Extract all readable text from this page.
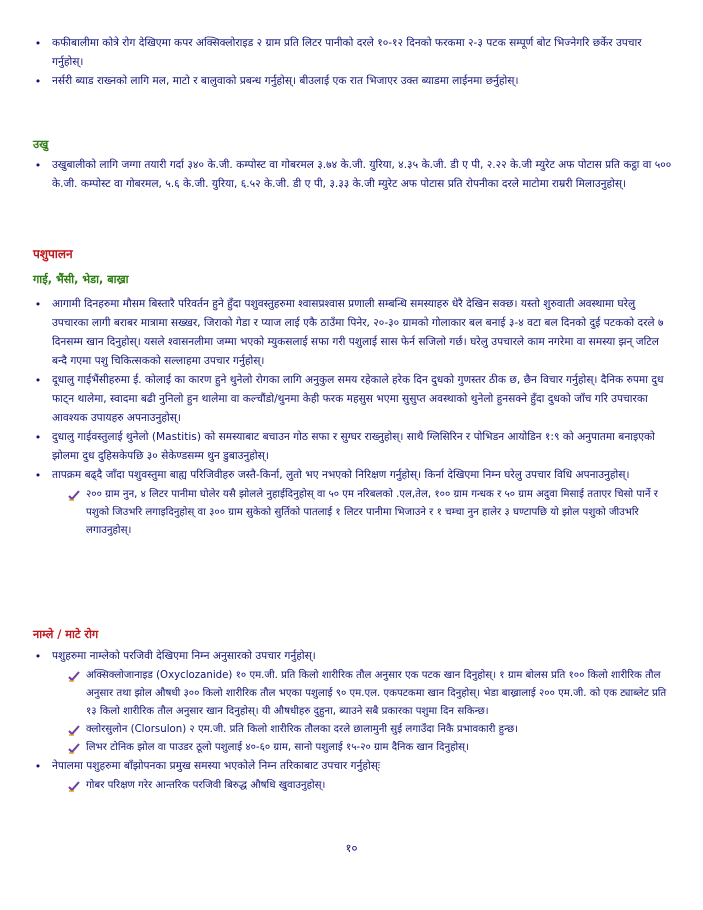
• कफीबालीमा कोत्रे रोग देखिएमा कपर अक्सिक्लोराइड २ ग्राम प्रति लिटर पानीको दरले १०-१२ दिनको फरकमा २-३ पटक सम्पूर्ण बोट भिज्नेगरि छर्केर उपचार गर्नुहोस्।
• नर्सरी ब्याड राख्नको लागि मल, माटो र बालुवाको प्रबन्ध गर्नुहोस्। बीउलाई एक रात भिजाएर उक्त ब्याडमा लाईनमा छर्नुहोस्।
उखु
• उखुबालीको लागि जग्गा तयारी गर्दा ३४० के.जी. कम्पोस्ट वा गोबरमल ३.७४ के.जी. युरिया, ४.३५ के.जी. डी ए पी, २.२२ के.जी म्युरेट अफ पोटास प्रति कट्ठा वा ५०० के.जी. कम्पोस्ट वा गोबरमल, ५.६ के.जी. युरिया, ६.५२ के.जी. डी ए पी, ३.३३ के.जी म्युरेट अफ पोटास प्रति रोपनीका दरले माटोमा राम्ररी मिलाउनुहोस्।
पशुपालन
गाई, भैंसी, भेडा, बाख्रा
• आगामी दिनहरुमा मौसम बिस्तारै परिवर्तन हुने हुँदा पशुवस्तुहरुमा श्वासप्रश्वास प्रणाली सम्बन्धि समस्याहरु धेरै देखिन सक्छ। यस्तो शुरुवाती अवस्थामा घरेलु उपचारका लागी बराबर मात्रामा सख्खर, जिराको गेडा र प्याज लाई एकै ठाउँमा पिनेर, २०-३० ग्रामको गोलाकार बल बनाई ३-४ वटा बल दिनको दुई पटकको दरले ७ दिनसम्म खान दिनुहोस्। यसले श्वासनलीमा जम्मा भएको म्युकसलाई सफा गरी पशुलाई सास फेर्न सजिलो गर्छ। घरेलु उपचारले काम नगरेमा वा समस्या झन् जटिल बन्दै गएमा पशु चिकित्सकको सल्लाहमा उपचार गर्नुहोस्।
• दूधालु गाईभैंसीहरुमा ई. कोलाई का कारण हुने थुनेलो रोगका लागि अनुकुल समय रहेकाले हरेक दिन दुधको गुणस्तर ठीक छ, छैन विचार गर्नुहोस्। दैनिक रुपमा दुध फाट्न थालेमा, स्वादमा बढी नुनिलो हुन थालेमा वा कल्चौंडो/थुनमा केही फरक महसुस भएमा सुसुप्त अवस्थाको थुनेलो हुनसक्ने हुँदा दुधको जाँच गरि उपचारका आवश्यक उपायहरु अपनाउनुहोस्।
• दुधालु गाईवस्तुलाई थुनेलो (Mastitis) को समस्याबाट बचाउन गोठ सफा र सुग्घर राख्नुहोस्। साथै ग्लिसिरिन र पोभिडन आयोडिन १:९ को अनुपातमा बनाइएको झोलमा दुध दुहिसकेपछि ३० सेकेण्डसम्म थुन डुबाउनुहोस्।
• तापक्रम बढ्दै जाँदा पशुवस्तुमा बाह्य परिजिवीहरु जस्तै-किर्ना, लुतो भए नभएको निरिक्षण गर्नुहोस्। किर्ना देखिएमा निम्न घरेलु उपचार विधि अपनाउनुहोस्।
२०० ग्राम नुन, ४ लिटर पानीमा घोलेर यसै झोलले नुहाईदिनुहोस् वा ५० एम नरिबलको .एल,तेल, १०० ग्राम गन्धक र ५० ग्राम अदुवा मिसाई तताएर चिसो पार्ने र पशुको जिउभरि लगाइदिनुहोस् वा ३०० ग्राम सुकेको सुर्तिको पातलाई १ लिटर पानीमा भिजाउने र १ चम्चा नुन हालेर ३ घण्टापछि यो झोल पशुको जीउभरि लगाउनुहोस्।
नाम्ले / माटे रोग
• पशुहरुमा नाम्लेको परजिवी देखिएमा निम्न अनुसारको उपचार गर्नुहोस्।
अक्सिक्लोजानाइड (Oxyclozanide) १० एम.जी. प्रति किलो शारीरिक तौल अनुसार एक पटक खान दिनुहोस्। १ ग्राम बोलस प्रति १०० किलो शारीरिक तौल अनुसार तथा झोल औषधी ३०० किलो शारीरिक तौल भएका पशुलाई ९० एम.एल. एकपटकमा खान दिनुहोस्। भेडा बाख्रालाई २०० एम.जी. को एक ट्याब्लेट प्रति १३ किलो शारीरिक तौल अनुसार खान दिनुहोस्। यी औषधीहरु दुहुना, ब्याउने सबै प्रकारका पशुमा दिन सकिन्छ।
क्लोरसुलोन (Clorsulon) २ एम.जी. प्रति किलो शारीरिक तौलका दरले छालामुनी सुई लगाउँदा निकै प्रभावकारी हुन्छ।
लिभर टोनिक झोल वा पाउडर ठूलो पशुलाई ४०-६० ग्राम, सानो पशुलाई १५-२० ग्राम दैनिक खान दिनुहोस्।
• नेपालमा पशुहरुमा बाँझोपनका प्रमुख समस्या भएकोले निम्न तरिकाबाट उपचार गर्नुहोस्ः
गोबर परिक्षण गरेर आन्तरिक परजिवी बिरुद्ध औषधि खुवाउनुहोस्।
१०
